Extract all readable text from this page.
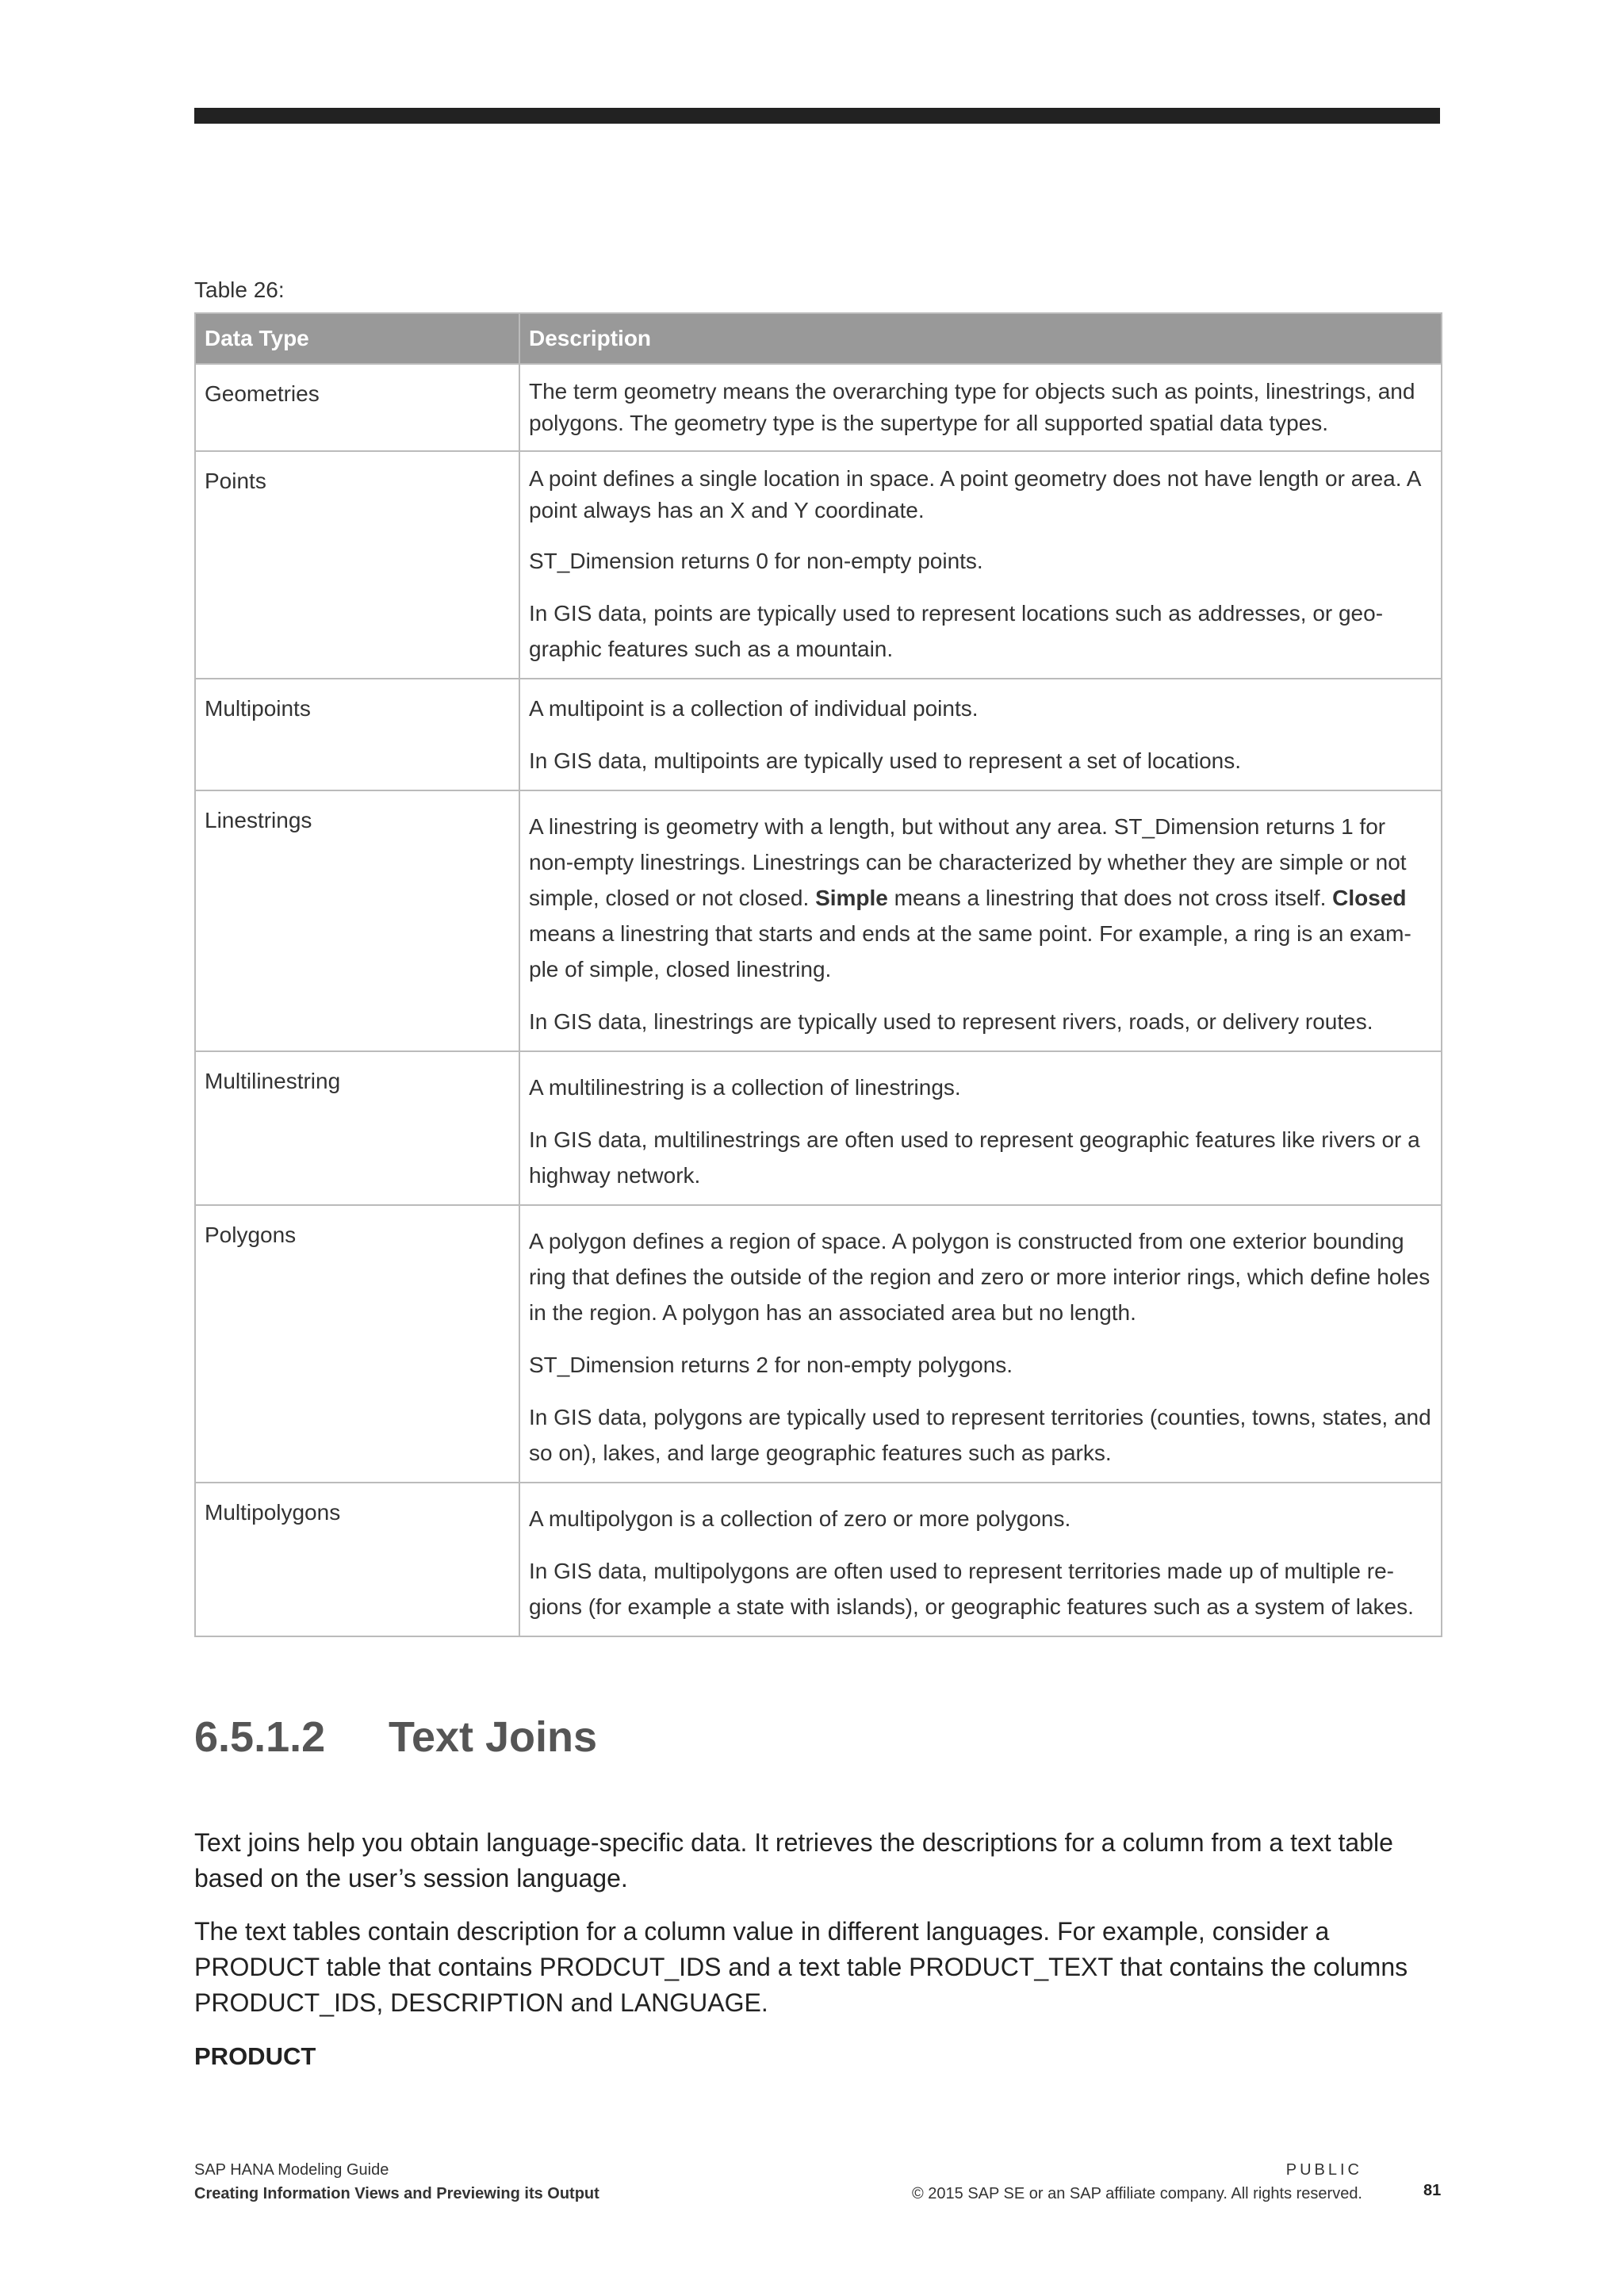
Table 26:
Data Type	Description
Geometries	The term geometry means the overarching type for objects such as points, linestrings, and polygons. The geometry type is the supertype for all supported spatial data types.

Points	A point defines a single location in space. A point geometry does not have length or area. A point always has an X and Y coordinate.

ST_Dimension returns 0 for non-empty points.

In GIS data, points are typically used to represent locations such as addresses, or geo-graphic features such as a mountain.

Multipoints	A multipoint is a collection of individual points.

In GIS data, multipoints are typically used to represent a set of locations.

Linestrings	A linestring is geometry with a length, but without any area. ST_Dimension returns 1 for non-empty linestrings. Linestrings can be characterized by whether they are simple or not simple, closed or not closed. Simple means a linestring that does not cross itself. Closed means a linestring that starts and ends at the same point. For example, a ring is an exam-ple of simple, closed linestring.

In GIS data, linestrings are typically used to represent rivers, roads, or delivery routes.

Multilinestring	A multilinestring is a collection of linestrings.

In GIS data, multilinestrings are often used to represent geographic features like rivers or a highway network.

Polygons	A polygon defines a region of space. A polygon is constructed from one exterior bounding ring that defines the outside of the region and zero or more interior rings, which define holes in the region. A polygon has an associated area but no length.

ST_Dimension returns 2 for non-empty polygons.

In GIS data, polygons are typically used to represent territories (counties, towns, states, and so on), lakes, and large geographic features such as parks.

Multipolygons	A multipolygon is a collection of zero or more polygons.

In GIS data, multipolygons are often used to represent territories made up of multiple re-gions (for example a state with islands), or geographic features such as a system of lakes.

6.5.1.2 Text Joins

Text joins help you obtain language-specific data. It retrieves the descriptions for a column from a text table based on the user’s session language.

The text tables contain description for a column value in different languages. For example, consider a PRODUCT table that contains PRODCUT_IDS and a text table PRODUCT_TEXT that contains the columns PRODUCT_IDS, DESCRIPTION and LANGUAGE.

PRODUCT
SAP HANA Modeling Guide
Creating Information Views and Previewing its Output
PUBLIC
© 2015 SAP SE or an SAP affiliate company. All rights reserved.	81
